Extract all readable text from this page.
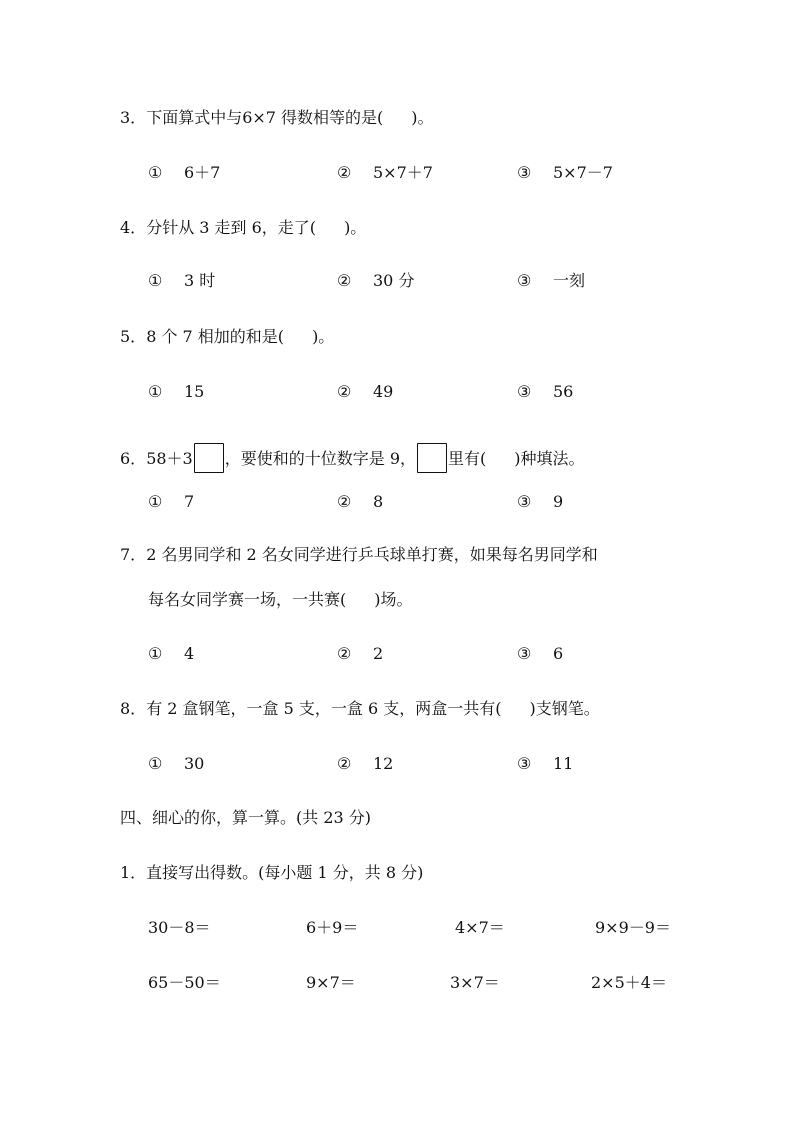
3．下面算式中与6×7 得数相等的是( )。
① 6＋7	② 5×7＋7	③ 5×7－7
4．分针从 3 走到 6，走了( )。
① 3 时	② 30 分	③ 一刻
5．8 个 7 相加的和是( )。
① 15	② 49	③ 56
6．58＋3 ，要使和的十位数字是 9， 里有( )种填法。
① 7	② 8	③ 9
7．2 名男同学和 2 名女同学进行乒乓球单打赛，如果每名男同学和
每名女同学赛一场，一共赛( )场。
① 4	② 2	③ 6
8．有 2 盒钢笔，一盒 5 支，一盒 6 支，两盒一共有( )支钢笔。
① 30	② 12	③ 11
四、细心的你，算一算。(共 23 分)
1．直接写出得数。(每小题 1 分，共 8 分)
30－8＝	6＋9＝	4×7＝	9×9－9＝
65－50＝	9×7＝	3×7＝	2×5＋4＝
